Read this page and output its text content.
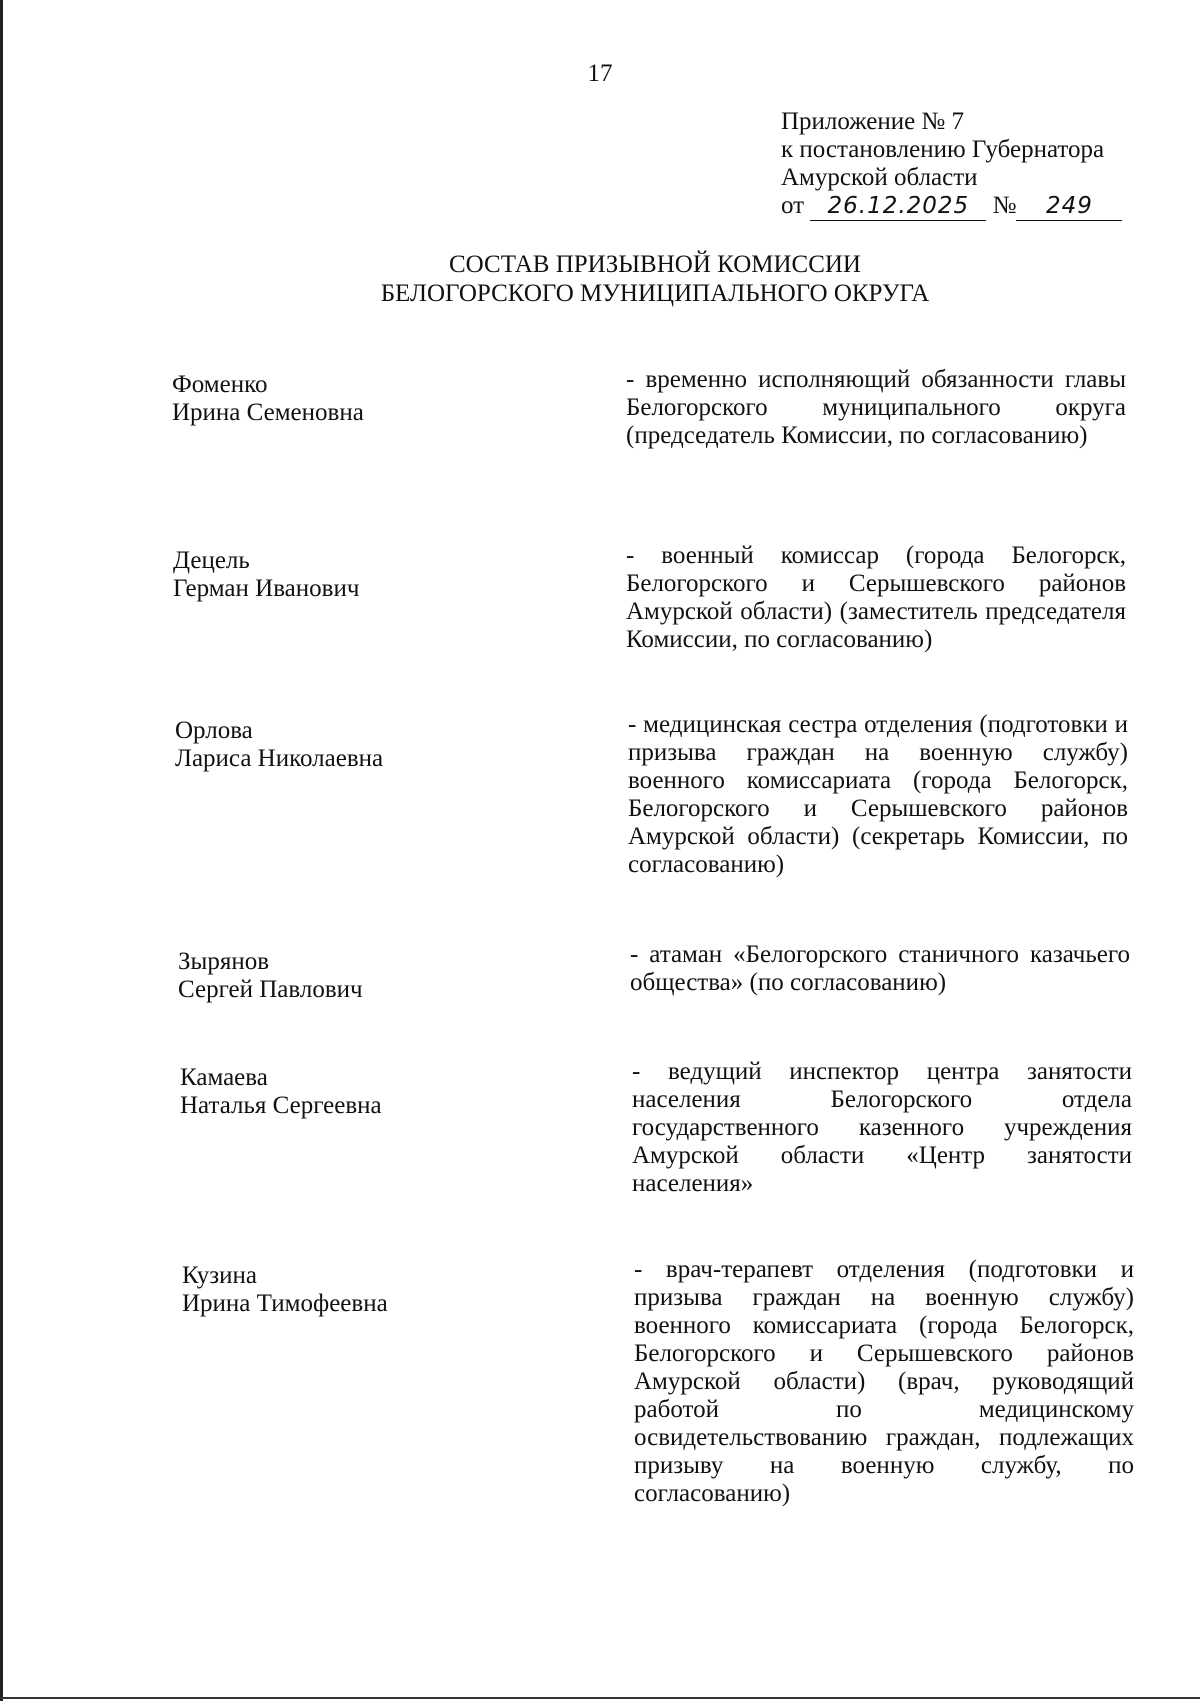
17
Приложение № 7
к постановлению Губернатора
Амурской области
от 26.12.2025 № 249
СОСТАВ ПРИЗЫВНОЙ КОМИССИИ
БЕЛОГОРСКОГО МУНИЦИПАЛЬНОГО ОКРУГА
Фоменко
Ирина Семеновна
- временно исполняющий обязанности главы Белогорского муниципального округа (председатель Комиссии, по согласованию)
Децель
Герман Иванович
- военный комиссар (города Белогорск, Белогорского и Серышевского районов Амурской области) (заместитель председателя Комиссии, по согласованию)
Орлова
Лариса Николаевна
- медицинская сестра отделения (подготовки и призыва граждан на военную службу) военного комиссариата (города Белогорск, Белогорского и Серышевского районов Амурской области) (секретарь Комиссии, по согласованию)
Зырянов
Сергей Павлович
- атаман «Белогорского станичного казачьего общества» (по согласованию)
Камаева
Наталья Сергеевна
- ведущий инспектор центра занятости населения Белогорского отдела государственного казенного учреждения Амурской области «Центр занятости населения»
Кузина
Ирина Тимофеевна
- врач-терапевт отделения (подготовки и призыва граждан на военную службу) военного комиссариата (города Белогорск, Белогорского и Серышевского районов Амурской области) (врач, руководящий работой по медицинскому освидетельствованию граждан, подлежащих призыву на военную службу, по согласованию)
